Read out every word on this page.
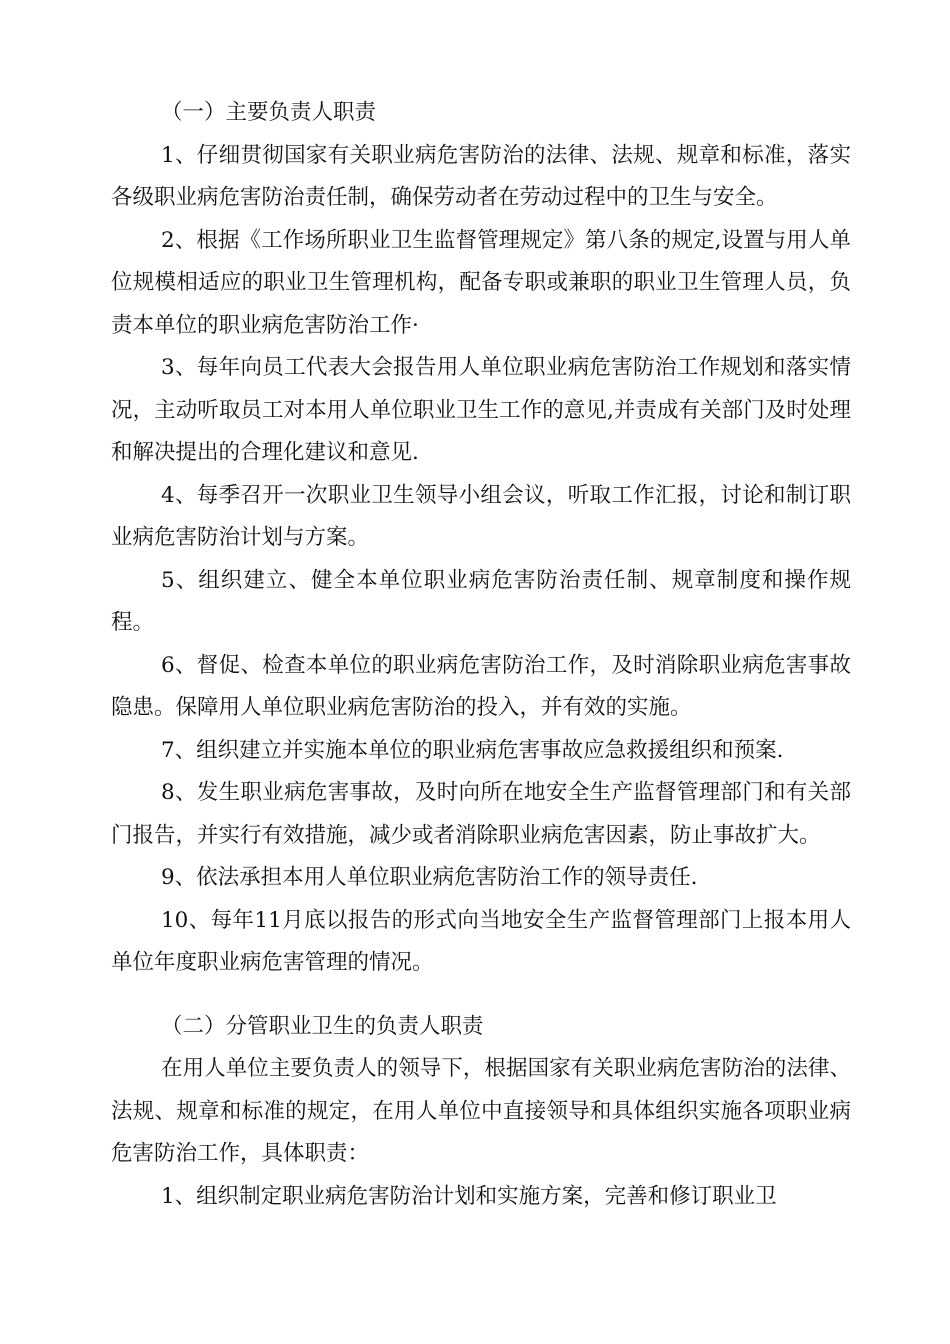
（一）主要负责人职责

1、仔细贯彻国家有关职业病危害防治的法律、法规、规章和标准，落实各级职业病危害防治责任制，确保劳动者在劳动过程中的卫生与安全。

2、根据《工作场所职业卫生监督管理规定》第八条的规定,设置与用人单位规模相适应的职业卫生管理机构，配备专职或兼职的职业卫生管理人员，负责本单位的职业病危害防治工作·

3、每年向员工代表大会报告用人单位职业病危害防治工作规划和落实情况，主动听取员工对本用人单位职业卫生工作的意见,并责成有关部门及时处理和解决提出的合理化建议和意见.

4、每季召开一次职业卫生领导小组会议，听取工作汇报，讨论和制订职业病危害防治计划与方案。

5、组织建立、健全本单位职业病危害防治责任制、规章制度和操作规程。

6、督促、检查本单位的职业病危害防治工作，及时消除职业病危害事故隐患。保障用人单位职业病危害防治的投入，并有效的实施。

7、组织建立并实施本单位的职业病危害事故应急救援组织和预案.

8、发生职业病危害事故，及时向所在地安全生产监督管理部门和有关部门报告，并实行有效措施，减少或者消除职业病危害因素，防止事故扩大。

9、依法承担本用人单位职业病危害防治工作的领导责任.

10、每年11月底以报告的形式向当地安全生产监督管理部门上报本用人单位年度职业病危害管理的情况。

（二）分管职业卫生的负责人职责

在用人单位主要负责人的领导下，根据国家有关职业病危害防治的法律、法规、规章和标准的规定，在用人单位中直接领导和具体组织实施各项职业病危害防治工作，具体职责：

1、组织制定职业病危害防治计划和实施方案，完善和修订职业卫
